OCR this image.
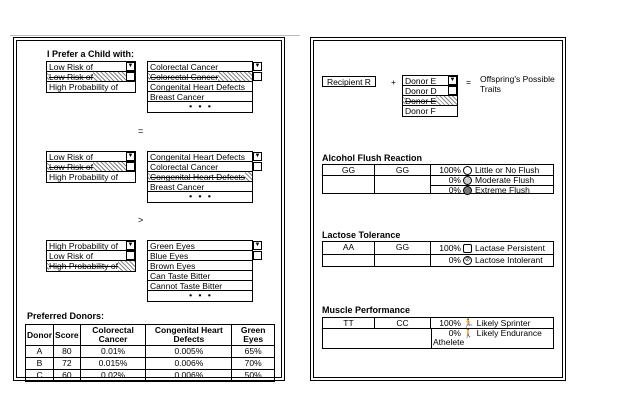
I Prefer a Child with:
Low Risk of
Low Risk of
High Probability of
▼ Colorectal Cancer
Colorectal Cancer
Congenital Heart Defects
Breast Cancer
• • •
▼
=
Low Risk of
Low Risk of
High Probability of
▼ Congenital Heart Defects
Colorectal Cancer
Congenital Heart Defects
Breast Cancer
• • •
▼
>
High Probability of
Low Risk of
High Probability of
▼ Green Eyes
Blue Eyes
Brown Eyes
Can Taste Bitter
Cannot Taste Bitter
• • •
▼
Preferred Donors:
Donor	Score	Colorectal Cancer	Congenital Heart Defects	Green Eyes
A	80	0.01%	0.005%	65%
B	72	0.015%	0.006%	70%
C	60	0.02%	0.006%	50%
Recipient R	+ Donor E
Donor D
Donor E
Donor F
▼ = Offspring's Possible Traits
Alcohol Flush Reaction
GG	GG	100% Little or No Flush
0% Moderate Flush
0% Extreme Flush
Lactose Tolerance
AA	GG	100% Lactase Persistent
0% ⊘ Lactose Intolerant
Muscle Performance
TT	CC	100% 🏃 Likely Sprinter
0% 🚶 Likely Endurance Athelete
